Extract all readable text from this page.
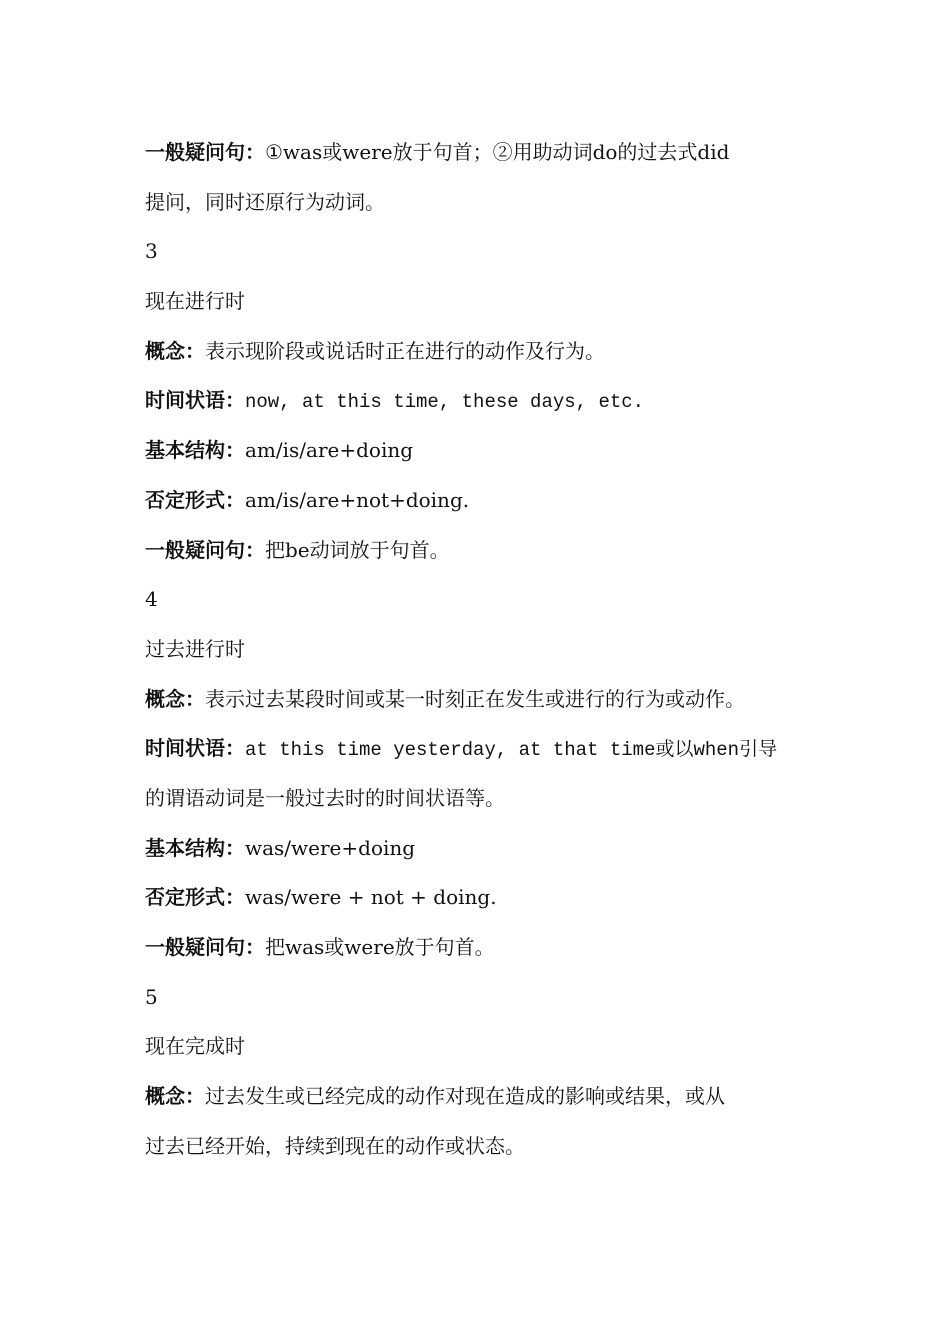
一般疑问句：①was或were放于句首；②用助动词do的过去式did
提问，同时还原行为动词。
3
现在进行时
概念：表示现阶段或说话时正在进行的动作及行为。
时间状语：now, at this time, these days, etc.
基本结构：am/is/are+doing
否定形式：am/is/are+not+doing.
一般疑问句：把be动词放于句首。
4
过去进行时
概念：表示过去某段时间或某一时刻正在发生或进行的行为或动作。
时间状语：at this time yesterday, at that time或以when引导
的谓语动词是一般过去时的时间状语等。
基本结构：was/were+doing
否定形式：was/were + not + doing.
一般疑问句：把was或were放于句首。
5
现在完成时
概念：过去发生或已经完成的动作对现在造成的影响或结果，或从
过去已经开始，持续到现在的动作或状态。
